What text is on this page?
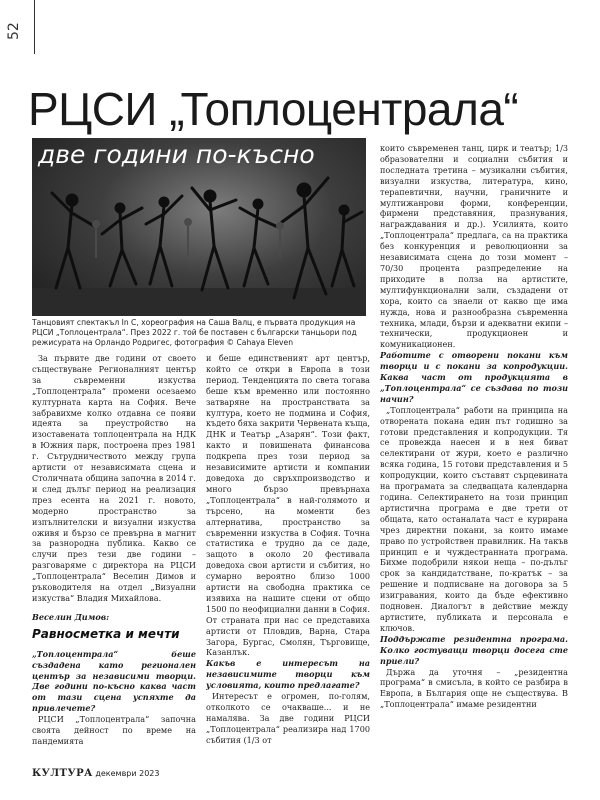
52
РЦСИ „Топлоцентрала“
две години по-късно
Танцовият спектакъл In C, хореография на Саша Валц, е първата продукция на РЦСИ „Топлоцентрала“. През 2022 г. той бе поставен с български танцьори под режисурата на Орландо Родригес, фотография © Cahaya Eleven

За първите две години от своето съществуване Регионалният център за съвременни изкуства „Топлоцентрала“ промени осезаемо културната карта на София. Вече забравихме колко отдавна се появи идеята за преустройство на изоставената топлоцентрала на НДК в Южния парк, построена през 1981 г. Сътрудничеството между група артисти от независимата сцена и Столичната община започна в 2014 г. и след дълъг период на реализация през есента на 2021 г. новото, модерно пространство за изпълнителски и визуални изкуства оживя и бързо се превърна в магнит за разнородна публика. Какво се случи през тези две години – разговаряме с директора на РЦСИ „Топлоцентрала“ Веселин Димов и ръководителя на отдел „Визуални изкуства“ Владия Михайлова.

Веселин Димов:
Равносметка и мечти

„Топлоцентрала“ беше създадена като регионален център за независими творци. Две години по-късно каква част от тази сцена успяхте да привлечете?

РЦСИ „Топлоцентрала“ започна своята дейност по време на пандемията

и беше единственият арт център, който се откри в Европа в този период. Тенденцията по света тогава беше към временно или постоянно затваряне на пространствата за култура, което не подмина и София, където бяха закрити Червената къща, ДНК и Театър „Азарян“. Този факт, както и повишената финансова подкрепа през този период за независимите артисти и компании доведоха до свръхпроизводство и много бързо превърнаха „Топлоцентрала“ в най-голямото и търсено, на моменти без алтернатива, пространство за съвременни изкуства в София. Точна статистика е трудно да се даде, защото в около 20 фестивала доведоха свои артисти и събития, но сумарно вероятно близо 1000 артисти на свободна практика се изявиха на нашите сцени от общо 1500 по неофициални данни в София. От страната при нас се представиха артисти от Пловдив, Варна, Стара Загора, Бургас, Смолян, Търговище, Казанлък.

Какъв е интересът на независимите творци към условията, които предлагате?

Интересът е огромен, по-голям, отколкото се очакваше... и не намалява. За две години РЦСИ „Топлоцентрала“ реализира над 1700 събития (1/3 от

които съвременен танц, цирк и театър; 1/3 образователни и социални събития и последната третина – музикални събития, визуални изкуства, литература, кино, терапевтични, научни, граничните и мултижанрови форми, конференции, фирмени представяния, празнувания, награждавания и др.). Усилията, които „Топлоцентрала“ предлага, са на практика без конкуренция и революционни за независимата сцена до този момент – 70/30 процента разпределение на приходите в полза на артистите, мултифункционални зали, създадени от хора, които са знаели от какво ще има нужда, нова и разнообразна съвременна техника, млади, бързи и адекватни екипи – технически, продукционен и комуникационен.

Работите с отворени покани към творци и с покани за копродукции. Каква част от продукцията в „Топлоцентрала“ се създава по този начин?

„Топлоцентрала“ работи на принципа на отворената покана един път годишно за готови представления и копродукции. Тя се провежда наесен и в нея биват селектирани от жури, което е различно всяка година, 15 готови представления и 5 копродукции, които съставят сърцевината на програмата за следващата календарна година. Селектирането на този принцип артистична програма е две трети от общата, като останалата част е курирана чрез директни покани, за които имаме право по устройствен правилник. На такъв принцип е и чуждестранната програма. Бихме подобрили някои неща – по-дълъг срок за кандидатстване, по-кратък – за решение и подписване на договора за 5 изигравания, които да бъде ефективно подновен. Диалогът в действие между артистите, публиката и персонала е ключов.

Поддържате резидентна програма. Колко гостуващи творци досега сте приели?

Държа да уточня – „резидентна програма“ в смисъла, в който се разбира в Европа, в България още не съществува. В „Топлоцентрала“ имаме резидентни

КУЛТУРА декември 2023
